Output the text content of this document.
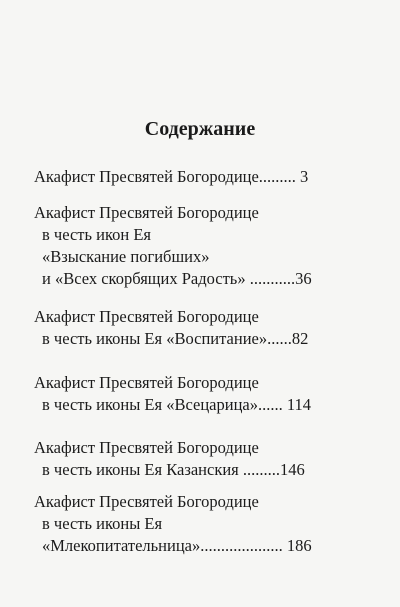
Содержание
Акафист Пресвятей Богородице......... 3
Акафист Пресвятей Богородице
в честь икон Ея
«Взыскание погибших»
и «Всех скорбящих Радость» ...........36
Акафист Пресвятей Богородице
в честь иконы Ея «Воспитание»......82
Акафист Пресвятей Богородице
в честь иконы Ея «Всецарица»...... 114
Акафист Пресвятей Богородице
в честь иконы Ея Казанския .........146
Акафист Пресвятей Богородице
в честь иконы Ея
«Млекопитательница».................... 186
